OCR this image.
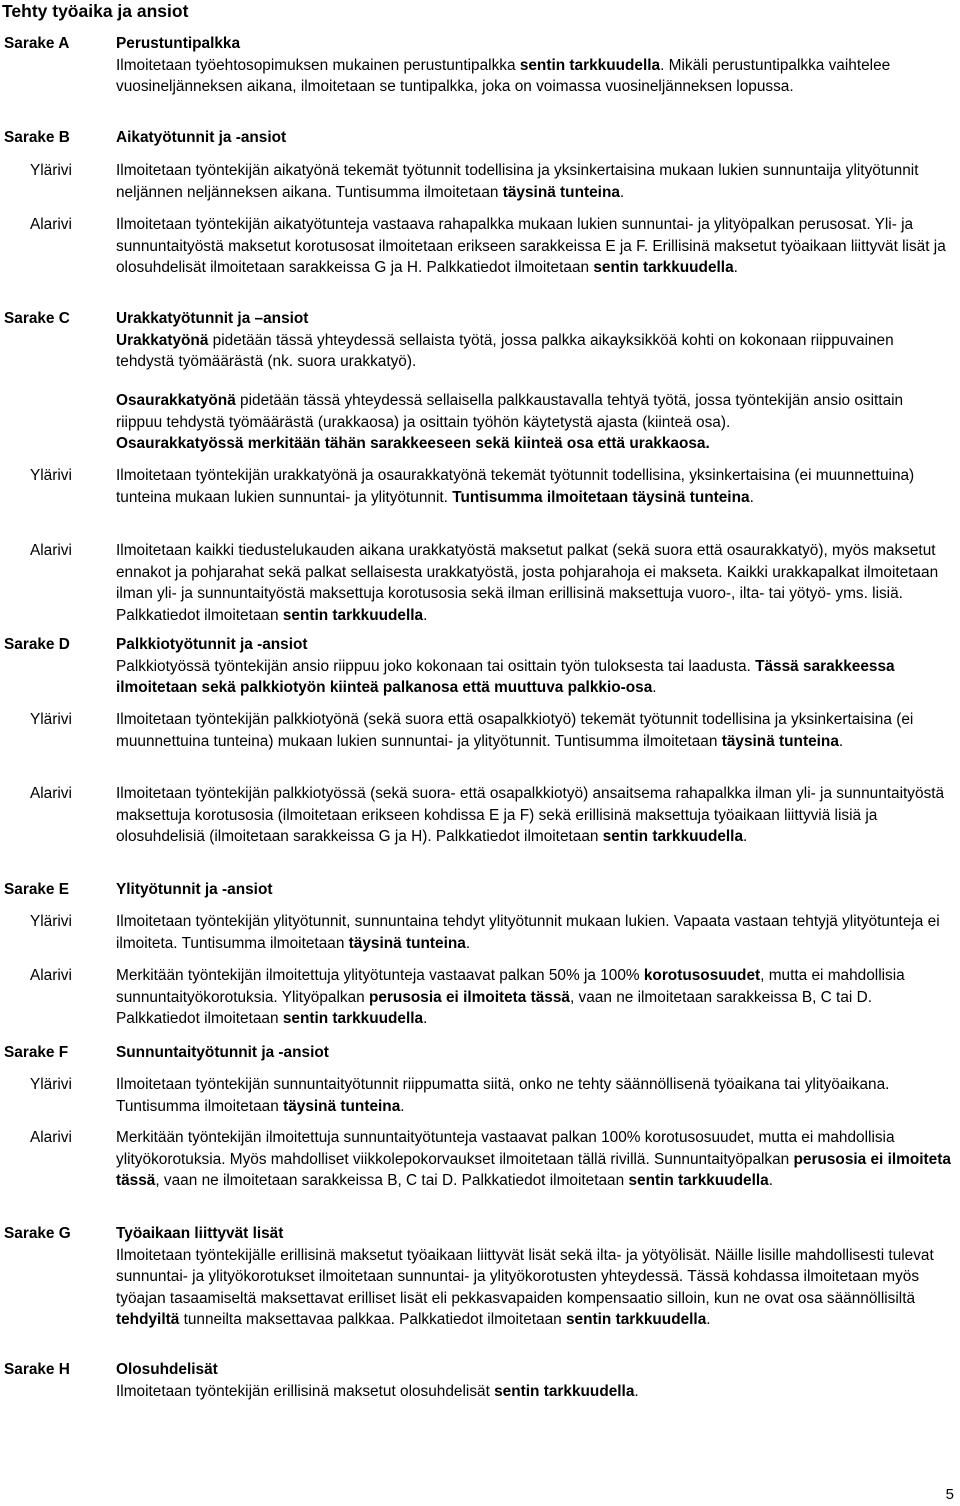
Tehty työaika ja ansiot
Sarake A	Perustuntipalkka
Ilmoitetaan työehtosopimuksen mukainen perustuntipalkka sentin tarkkuudella. Mikäli perustuntipalkka vaihtelee vuosineljänneksen aikana, ilmoitetaan se tuntipalkka, joka on voimassa vuosineljänneksen lopussa.
Sarake B	Aikatyötunnit ja -ansiot
Ylärivi	Ilmoitetaan työntekijän aikatyönä tekemät työtunnit todellisina ja yksinkertaisina mukaan lukien sunnuntaija ylityötunnit neljännen neljänneksen aikana. Tuntisumma ilmoitetaan täysinä tunteina.
Alarivi	Ilmoitetaan työntekijän aikatyötunteja vastaava rahapalkka mukaan lukien sunnuntai- ja ylityöpalkan perusosat. Yli- ja sunnuntaityöstä maksetut korotusosat ilmoitetaan erikseen sarakkeissa E ja F. Erillisinä maksetut työaikaan liittyvät lisät ja olosuhdelisät ilmoitetaan sarakkeissa G ja H. Palkkatiedot ilmoitetaan sentin tarkkuudella.
Sarake C	Urakkatyötunnit ja –ansiot
Urakkatyönä pidetään tässä yhteydessä sellaista työtä, jossa palkka aikayksikköä kohti on kokonaan riippuvainen tehdystä työmäärästä (nk. suora urakkatyö).
Osaurakkatyönä pidetään tässä yhteydessä sellaisella palkkaustavalla tehtyä työtä, jossa työntekijän ansio osittain riippuu tehdystä työmäärästä (urakkaosa) ja osittain työhön käytetystä ajasta (kiinteä osa).
Osaurakkatyössä merkitään tähän sarakkeeseen sekä kiinteä osa että urakkaosa.
Ylärivi	Ilmoitetaan työntekijän urakkatyönä ja osaurakkatyönä tekemät työtunnit todellisina, yksinkertaisina (ei muunnettuina) tunteina mukaan lukien sunnuntai- ja ylityötunnit. Tuntisumma ilmoitetaan täysinä tunteina.
Alarivi	Ilmoitetaan kaikki tiedustelukauden aikana urakkatyöstä maksetut palkat (sekä suora että osaurakkatyö), myös maksetut ennakot ja pohjarahat sekä palkat sellaisesta urakkatyöstä, josta pohjarahoja ei makseta. Kaikki urakkapalkat ilmoitetaan ilman yli- ja sunnuntaityöstä maksettuja korotusosia sekä ilman erillisinä maksettuja vuoro-, ilta- tai yötyö- yms. lisiä. Palkkatiedot ilmoitetaan sentin tarkkuudella.
Sarake D	Palkkiotyötunnit ja -ansiot
Palkkiotyössä työntekijän ansio riippuu joko kokonaan tai osittain työn tuloksesta tai laadusta. Tässä sarakkeessa ilmoitetaan sekä palkkiotyön kiinteä palkanosa että muuttuva palkkio-osa.
Ylärivi	Ilmoitetaan työntekijän palkkiotyönä (sekä suora että osapalkkiotyö) tekemät työtunnit todellisina ja yksinkertaisina (ei muunnettuina tunteina) mukaan lukien sunnuntai- ja ylityötunnit. Tuntisumma ilmoitetaan täysinä tunteina.
Alarivi	Ilmoitetaan työntekijän palkkiotyössä (sekä suora- että osapalkkiotyö) ansaitsema rahapalkka ilman yli- ja sunnuntaityöstä maksettuja korotusosia (ilmoitetaan erikseen kohdissa E ja F) sekä erillisinä maksettuja työaikaan liittyviä lisiä ja olosuhdelisiä (ilmoitetaan sarakkeissa G ja H). Palkkatiedot ilmoitetaan sentin tarkkuudella.
Sarake E	Ylityötunnit ja -ansiot
Ylärivi	Ilmoitetaan työntekijän ylityötunnit, sunnuntaina tehdyt ylityötunnit mukaan lukien. Vapaata vastaan tehtyjä ylityötunteja ei ilmoiteta. Tuntisumma ilmoitetaan täysinä tunteina.
Alarivi	Merkitään työntekijän ilmoitettuja ylityötunteja vastaavat palkan 50% ja 100% korotusosuudet, mutta ei mahdollisia sunnuntaityökorotuksia. Ylityöpalkan perusosia ei ilmoiteta tässä, vaan ne ilmoitetaan sarakkeissa B, C tai D. Palkkatiedot ilmoitetaan sentin tarkkuudella.
Sarake F	Sunnuntaityötunnit ja -ansiot
Ylärivi	Ilmoitetaan työntekijän sunnuntaityötunnit riippumatta siitä, onko ne tehty säännöllisenä työaikana tai ylityöaikana. Tuntisumma ilmoitetaan täysinä tunteina.
Alarivi	Merkitään työntekijän ilmoitettuja sunnuntaityötunteja vastaavat palkan 100% korotusosuudet, mutta ei mahdollisia ylityökorotuksia. Myös mahdolliset viikkolepokorvaukset ilmoitetaan tällä rivillä. Sunnuntaityöpalkan perusosia ei ilmoiteta tässä, vaan ne ilmoitetaan sarakkeissa B, C tai D. Palkkatiedot ilmoitetaan sentin tarkkuudella.
Sarake G	Työaikaan liittyvät lisät
Ilmoitetaan työntekijälle erillisinä maksetut työaikaan liittyvät lisät sekä ilta- ja yötyölisät. Näille lisille mahdollisesti tulevat sunnuntai- ja ylityökorotukset ilmoitetaan sunnuntai- ja ylityökorotusten yhteydessä. Tässä kohdassa ilmoitetaan myös työajan tasaamiseltä maksettavat erilliset lisät eli pekkasvapaiden kompensaatio silloin, kun ne ovat osa säännöllisiltä tehdyiltä tunneilta maksettavaa palkkaa. Palkkatiedot ilmoitetaan sentin tarkkuudella.
Sarake H	Olosuhdelisät
Ilmoitetaan työntekijän erillisinä maksetut olosuhdelisät sentin tarkkuudella.
5
